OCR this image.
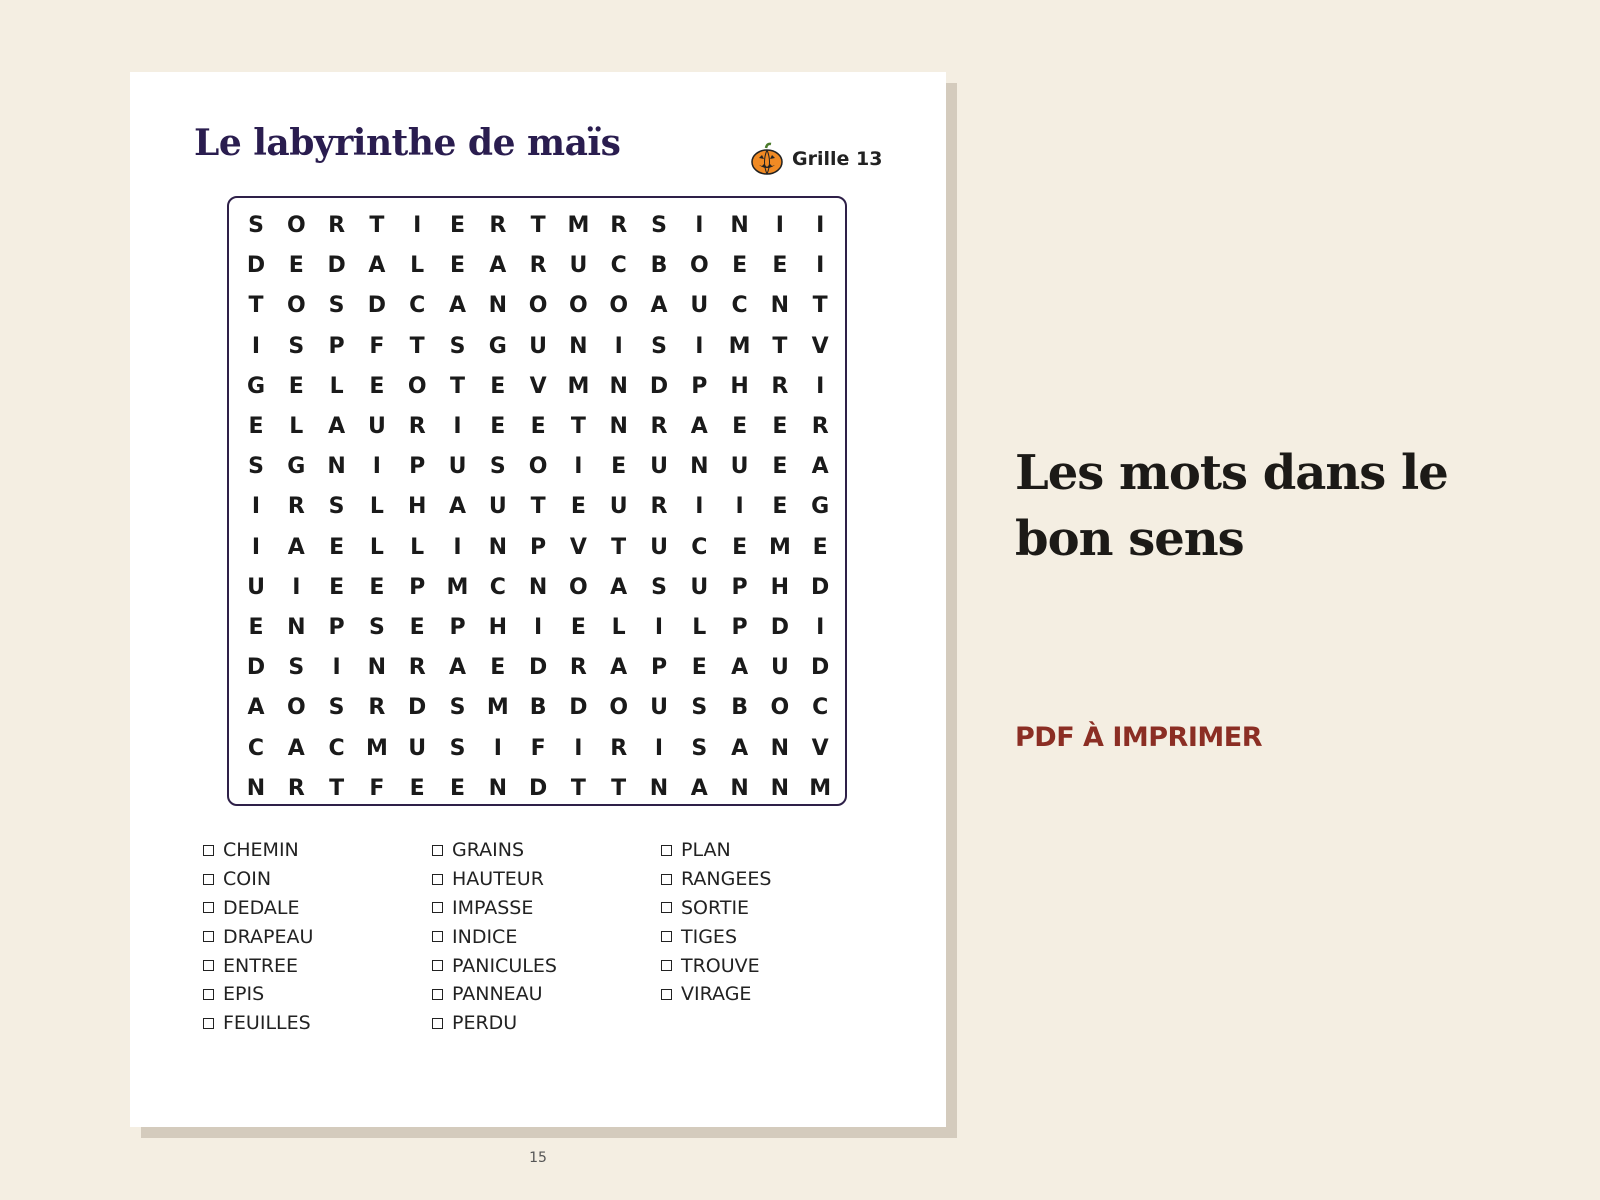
Le labyrinthe de maïs	Grille 13
S	O	R	T	I	E	R	T M R	S	I	N	I	I
D	E	D	A	L	E	A	R	U	C	B	O	E	E	I
T	O	S	D	C	A	N O O O	A	U	C	N	T
I	S	P	F	T	S	G	U	N	I	S	I	M T	V
G	E	L	E	O	T	E	V M N D	P	H	R	I
E	L	A	U	R	I	E	E	T	N	R	A	E	E	R
S	G	N	I	P	U	S	O	I	E	U	N	U	E	A
I	R	S	L	H	A	U	T	E	U	R	I	I	E	G
I	A	E	L	L	I	N	P	V	T	U	C	E M E
U	I	E	E	P M C	N O	A	S	U	P	H D
E	N	P	S	E	P	H	I	E	L	I	L	P	D	I
D	S	I	N	R	A	E	D	R	A	P	E	A	U	D
A	O	S	R	D	S M B	D O	U	S	B	O	C
C	A	C M U	S	I	F	I	R	I	S	A	N	V
N	R	T	F	E	E	N D	T	T	N	A	N N M
CHEMIN
COIN
DEDALE
DRAPEAU
ENTREE
EPIS
FEUILLES
GRAINS
HAUTEUR
IMPASSE
INDICE
PANICULES
PANNEAU
PERDU
PLAN
RANGEES
SORTIE
TIGES
TROUVE
VIRAGE
15
Les mots dans le bon sens
PDF À IMPRIMER
